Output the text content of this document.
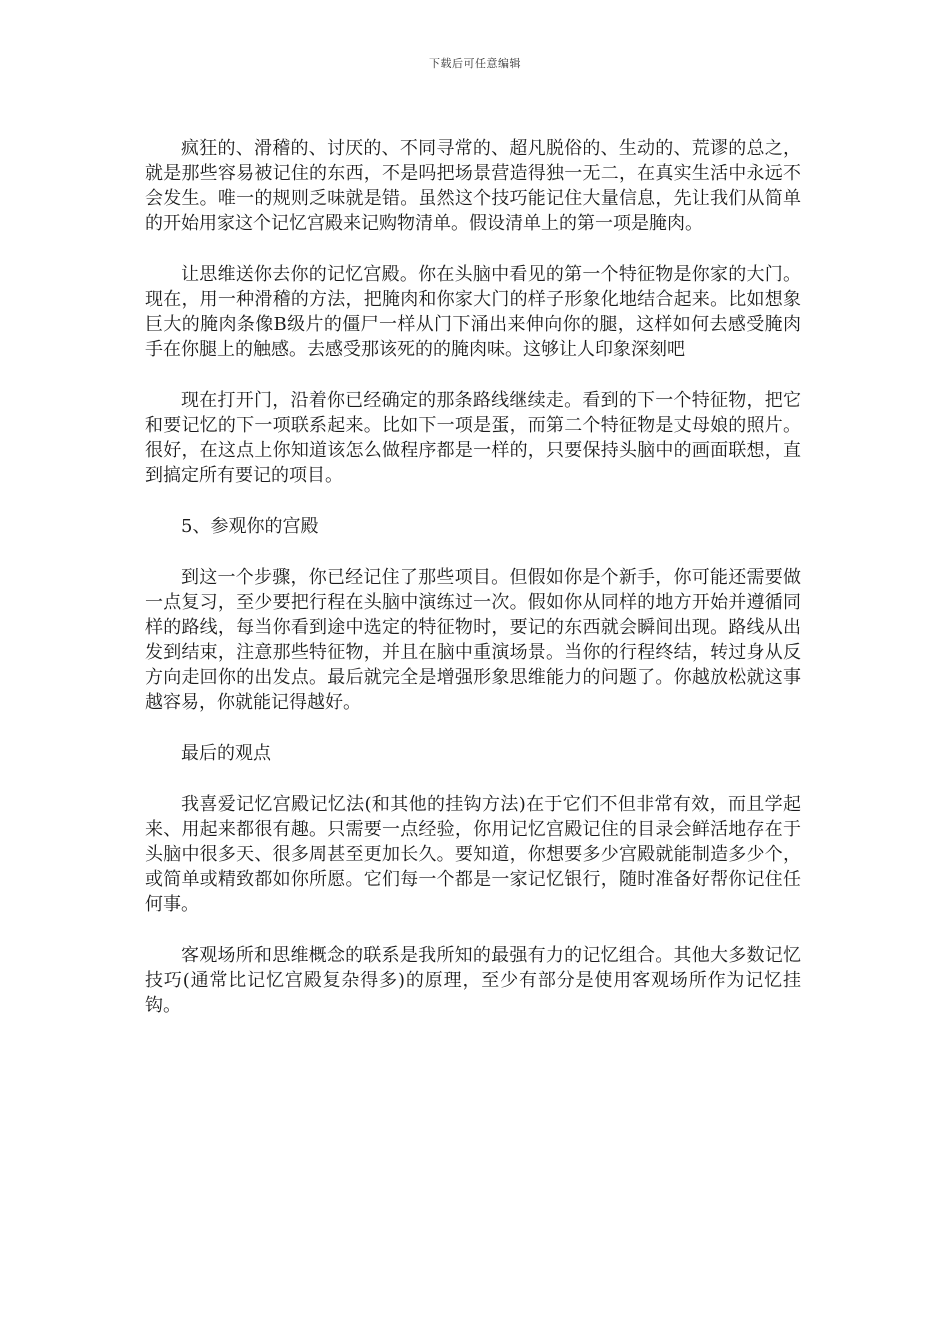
下载后可任意编辑

疯狂的、滑稽的、讨厌的、不同寻常的、超凡脱俗的、生动的、荒谬的总之，就是那些容易被记住的东西，不是吗把场景营造得独一无二，在真实生活中永远不会发生。唯一的规则乏味就是错。虽然这个技巧能记住大量信息，先让我们从简单的开始用家这个记忆宫殿来记购物清单。假设清单上的第一项是腌肉。

让思维送你去你的记忆宫殿。你在头脑中看见的第一个特征物是你家的大门。现在，用一种滑稽的方法，把腌肉和你家大门的样子形象化地结合起来。比如想象巨大的腌肉条像B级片的僵尸一样从门下涌出来伸向你的腿，这样如何去感受腌肉手在你腿上的触感。去感受那该死的的腌肉味。这够让人印象深刻吧

现在打开门，沿着你已经确定的那条路线继续走。看到的下一个特征物，把它和要记忆的下一项联系起来。比如下一项是蛋，而第二个特征物是丈母娘的照片。很好，在这点上你知道该怎么做程序都是一样的，只要保持头脑中的画面联想，直到搞定所有要记的项目。

5、参观你的宫殿

到这一个步骤，你已经记住了那些项目。但假如你是个新手，你可能还需要做一点复习，至少要把行程在头脑中演练过一次。假如你从同样的地方开始并遵循同样的路线，每当你看到途中选定的特征物时，要记的东西就会瞬间出现。路线从出发到结束，注意那些特征物，并且在脑中重演场景。当你的行程终结，转过身从反方向走回你的出发点。最后就完全是增强形象思维能力的问题了。你越放松就这事越容易，你就能记得越好。

最后的观点

我喜爱记忆宫殿记忆法(和其他的挂钩方法)在于它们不但非常有效，而且学起来、用起来都很有趣。只需要一点经验，你用记忆宫殿记住的目录会鲜活地存在于头脑中很多天、很多周甚至更加长久。要知道，你想要多少宫殿就能制造多少个，或简单或精致都如你所愿。它们每一个都是一家记忆银行，随时准备好帮你记住任何事。

客观场所和思维概念的联系是我所知的最强有力的记忆组合。其他大多数记忆技巧(通常比记忆宫殿复杂得多)的原理，至少有部分是使用客观场所作为记忆挂钩。
